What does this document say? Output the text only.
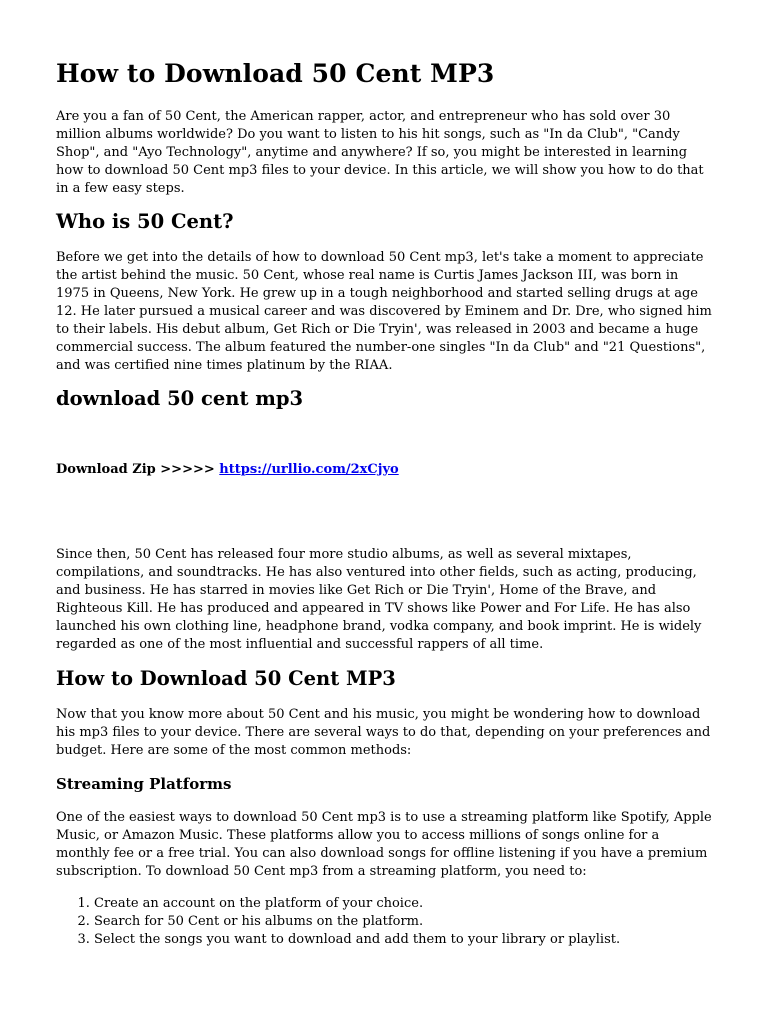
How to Download 50 Cent MP3

Are you a fan of 50 Cent, the American rapper, actor, and entrepreneur who has sold over 30 million albums worldwide? Do you want to listen to his hit songs, such as "In da Club", "Candy Shop", and "Ayo Technology", anytime and anywhere? If so, you might be interested in learning how to download 50 Cent mp3 files to your device. In this article, we will show you how to do that in a few easy steps.

Who is 50 Cent?

Before we get into the details of how to download 50 Cent mp3, let's take a moment to appreciate the artist behind the music. 50 Cent, whose real name is Curtis James Jackson III, was born in 1975 in Queens, New York. He grew up in a tough neighborhood and started selling drugs at age 12. He later pursued a musical career and was discovered by Eminem and Dr. Dre, who signed him to their labels. His debut album, Get Rich or Die Tryin', was released in 2003 and became a huge commercial success. The album featured the number-one singles "In da Club" and "21 Questions", and was certified nine times platinum by the RIAA.

download 50 cent mp3
Download Zip >>>>> https://urllio.com/2xCjyo

Since then, 50 Cent has released four more studio albums, as well as several mixtapes, compilations, and soundtracks. He has also ventured into other fields, such as acting, producing, and business. He has starred in movies like Get Rich or Die Tryin', Home of the Brave, and Righteous Kill. He has produced and appeared in TV shows like Power and For Life. He has also launched his own clothing line, headphone brand, vodka company, and book imprint. He is widely regarded as one of the most influential and successful rappers of all time.

How to Download 50 Cent MP3

Now that you know more about 50 Cent and his music, you might be wondering how to download his mp3 files to your device. There are several ways to do that, depending on your preferences and budget. Here are some of the most common methods:

Streaming Platforms

One of the easiest ways to download 50 Cent mp3 is to use a streaming platform like Spotify, Apple Music, or Amazon Music. These platforms allow you to access millions of songs online for a monthly fee or a free trial. You can also download songs for offline listening if you have a premium subscription. To download 50 Cent mp3 from a streaming platform, you need to:

1. Create an account on the platform of your choice.
2. Search for 50 Cent or his albums on the platform.
3. Select the songs you want to download and add them to your library or playlist.
